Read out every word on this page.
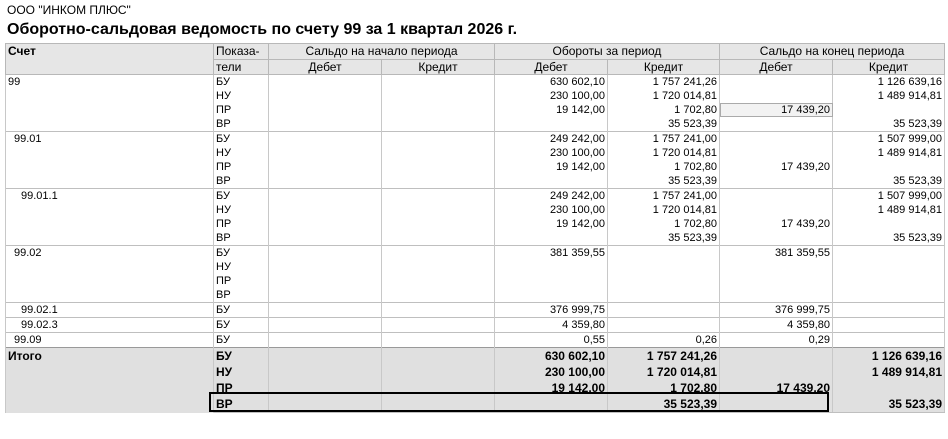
ООО "ИНКОМ ПЛЮС"
Оборотно-сальдовая ведомость по счету 99 за 1 квартал 2026 г.
Счет	Показа-	Сальдо на начало периода		Обороты за период		Сальдо на конец периода	
	тели	Дебет	Кредит	Дебет	Кредит	Дебет	Кредит
99	БУ			630 602,10	1 757 241,26		1 126 639,16
	НУ			230 100,00	1 720 014,81		1 489 914,81
	ПР			19 142,00	1 702,80	17 439,20	
	ВР				35 523,39		35 523,39
99.01	БУ			249 242,00	1 757 241,00		1 507 999,00
	НУ			230 100,00	1 720 014,81		1 489 914,81
	ПР			19 142,00	1 702,80	17 439,20	
	ВР				35 523,39		35 523,39
99.01.1	БУ			249 242,00	1 757 241,00		1 507 999,00
	НУ			230 100,00	1 720 014,81		1 489 914,81
	ПР			19 142,00	1 702,80	17 439,20	
	ВР				35 523,39		35 523,39
99.02	БУ			381 359,55		381 359,55	
	НУ						
	ПР						
	ВР						
99.02.1	БУ			376 999,75		376 999,75	
99.02.3	БУ			4 359,80		4 359,80	
99.09	БУ			0,55	0,26	0,29	
Итого	БУ			630 602,10	1 757 241,26		1 126 639,16
	НУ			230 100,00	1 720 014,81		1 489 914,81
	ПР			19 142,00	1 702,80	17 439,20	
	ВР				35 523,39		35 523,39
